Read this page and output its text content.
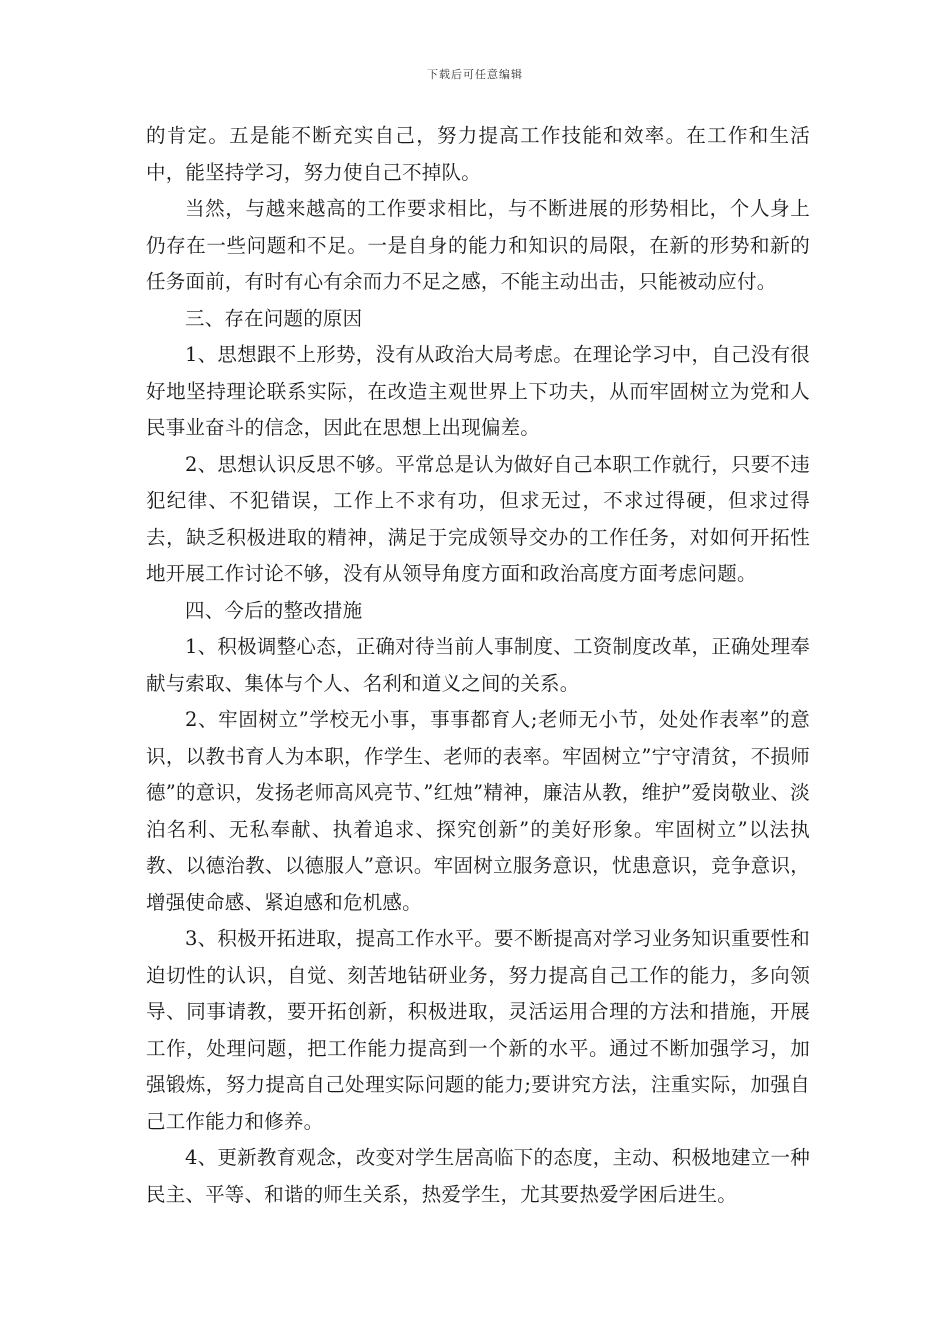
下载后可任意编辑

的肯定。五是能不断充实自己，努力提高工作技能和效率。在工作和生活中，能坚持学习，努力使自己不掉队。

当然，与越来越高的工作要求相比，与不断进展的形势相比，个人身上仍存在一些问题和不足。一是自身的能力和知识的局限，在新的形势和新的任务面前，有时有心有余而力不足之感，不能主动出击，只能被动应付。

三、存在问题的原因

1、思想跟不上形势，没有从政治大局考虑。在理论学习中，自己没有很好地坚持理论联系实际，在改造主观世界上下功夫，从而牢固树立为党和人民事业奋斗的信念，因此在思想上出现偏差。

2、思想认识反思不够。平常总是认为做好自己本职工作就行，只要不违犯纪律、不犯错误，工作上不求有功，但求无过，不求过得硬，但求过得去，缺乏积极进取的精神，满足于完成领导交办的工作任务，对如何开拓性地开展工作讨论不够，没有从领导角度方面和政治高度方面考虑问题。

四、今后的整改措施

1、积极调整心态，正确对待当前人事制度、工资制度改革，正确处理奉献与索取、集体与个人、名利和道义之间的关系。

2、牢固树立”学校无小事，事事都育人;老师无小节，处处作表率”的意识，以教书育人为本职，作学生、老师的表率。牢固树立”宁守清贫，不损师德”的意识，发扬老师高风亮节、”红烛”精神，廉洁从教，维护”爱岗敬业、淡泊名利、无私奉献、执着追求、探究创新”的美好形象。牢固树立”以法执教、以德治教、以德服人”意识。牢固树立服务意识，忧患意识，竞争意识，增强使命感、紧迫感和危机感。

3、积极开拓进取，提高工作水平。要不断提高对学习业务知识重要性和迫切性的认识，自觉、刻苦地钻研业务，努力提高自己工作的能力，多向领导、同事请教，要开拓创新，积极进取，灵活运用合理的方法和措施，开展工作，处理问题，把工作能力提高到一个新的水平。通过不断加强学习，加强锻炼，努力提高自己处理实际问题的能力;要讲究方法，注重实际，加强自己工作能力和修养。

4、更新教育观念，改变对学生居高临下的态度，主动、积极地建立一种民主、平等、和谐的师生关系，热爱学生，尤其要热爱学困后进生。
